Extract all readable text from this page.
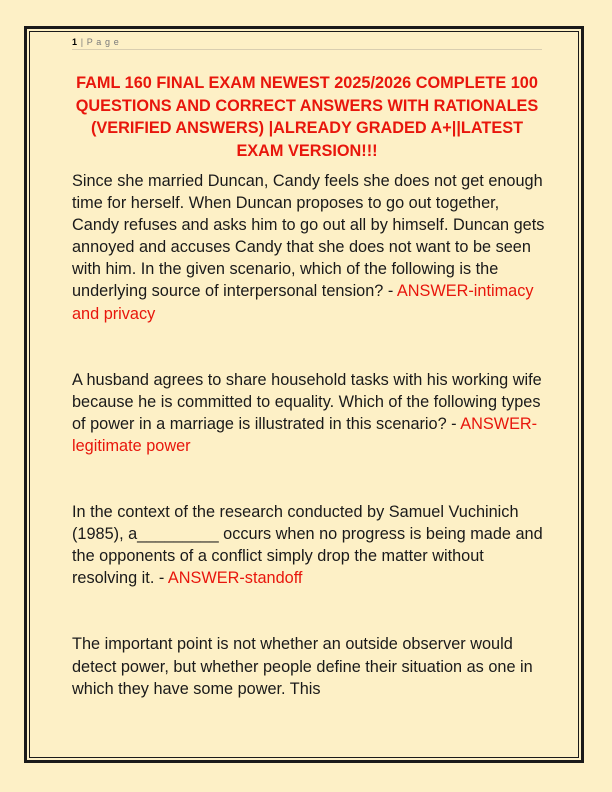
1 | P a g e
FAML 160 FINAL EXAM NEWEST 2025/2026 COMPLETE 100 QUESTIONS AND CORRECT ANSWERS WITH RATIONALES (VERIFIED ANSWERS) |ALREADY GRADED A+||LATEST EXAM VERSION!!!
Since she married Duncan, Candy feels she does not get enough time for herself. When Duncan proposes to go out together, Candy refuses and asks him to go out all by himself. Duncan gets annoyed and accuses Candy that she does not want to be seen with him. In the given scenario, which of the following is the underlying source of interpersonal tension? - ANSWER-intimacy and privacy
A husband agrees to share household tasks with his working wife because he is committed to equality. Which of the following types of power in a marriage is illustrated in this scenario? - ANSWER-legitimate power
In the context of the research conducted by Samuel Vuchinich (1985), a_________ occurs when no progress is being made and the opponents of a conflict simply drop the matter without resolving it. - ANSWER-standoff
The important point is not whether an outside observer would detect power, but whether people define their situation as one in which they have some power. This
